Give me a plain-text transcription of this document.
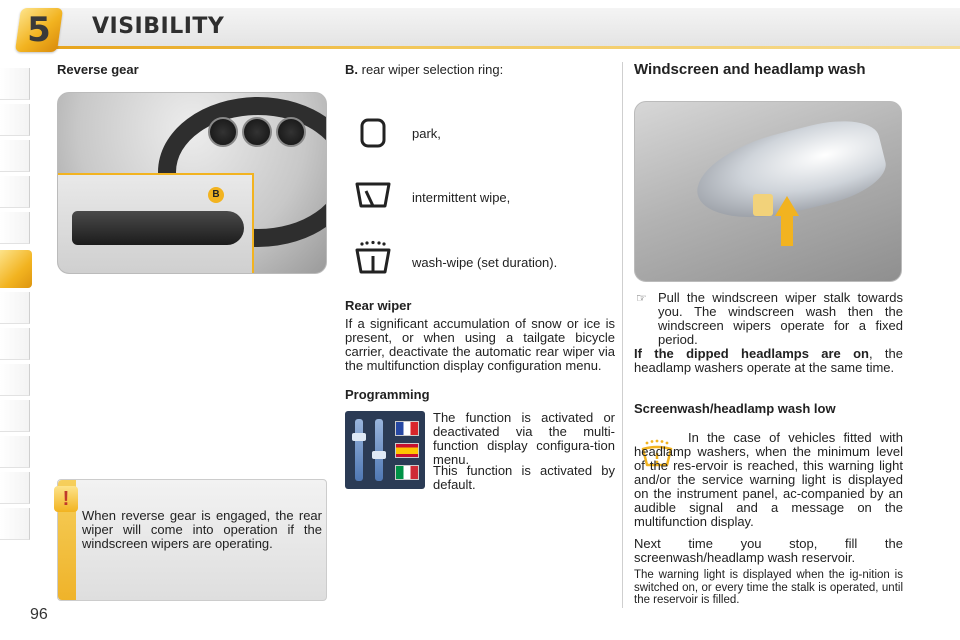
5	VISIBILITY
Reverse gear
B
!
When reverse gear is engaged, the rear wiper will come into operation if the windscreen wipers are operating.
96
B. rear wiper selection ring:
park,
intermittent wipe,
wash-wipe (set duration).
Rear wiper
If a significant accumulation of snow or ice is present, or when using a tailgate bicycle carrier, deactivate the automatic rear wiper via the multifunction display configuration menu.
Programming
The function is activated or deactivated via the multi-function display configura-tion menu.
This function is activated by default.
Windscreen and headlamp wash
☞ Pull the windscreen wiper stalk towards you. The windscreen wash then the windscreen wipers operate for a fixed period.
If the dipped headlamps are on, the headlamp washers operate at the same time.
Screenwash/headlamp wash low
In the case of vehicles fitted with headlamp washers, when the minimum level of the res-ervoir is reached, this warning light and/or the service warning light is displayed on the instrument panel, ac-companied by an audible signal and a message on the multifunction display.
Next time you stop, fill the screenwash/headlamp wash reservoir.
The warning light is displayed when the ig-nition is switched on, or every time the stalk is operated, until the reservoir is filled.
